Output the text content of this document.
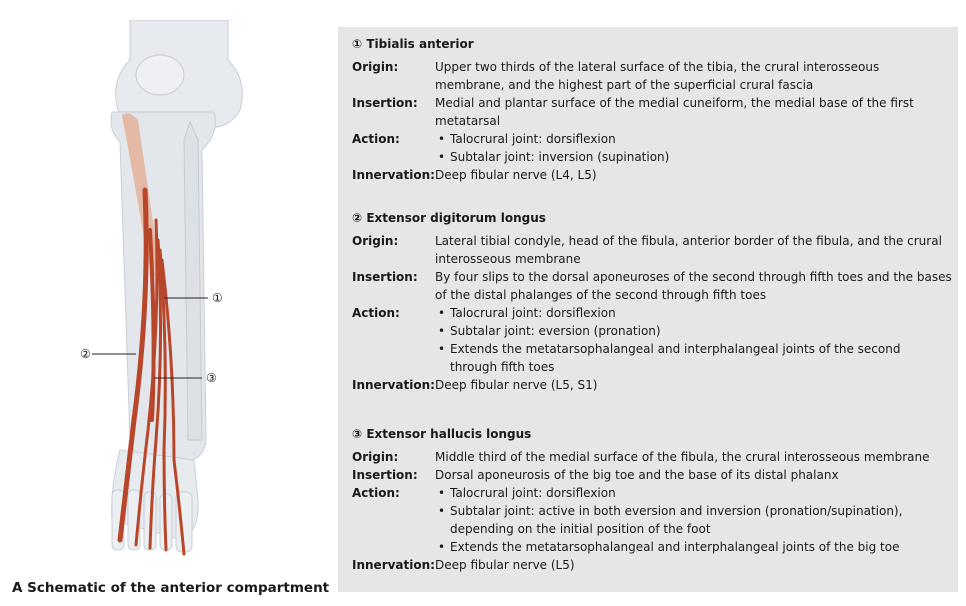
①
②
③
A Schematic of the anterior compartment
① Tibialis anterior
Origin:	Upper two thirds of the lateral surface of the tibia, the crural interosseous
membrane, and the highest part of the superficial crural fascia
Insertion:	Medial and plantar surface of the medial cuneiform, the medial base of the first
metatarsal
Action:	• Talocrural joint: dorsiflexion
• Subtalar joint: inversion (supination)
Innervation: Deep fibular nerve (L4, L5)
② Extensor digitorum longus
Origin:	Lateral tibial condyle, head of the fibula, anterior border of the fibula, and the crural
interosseous membrane
Insertion:	By four slips to the dorsal aponeuroses of the second through fifth toes and the bases
of the distal phalanges of the second through fifth toes
Action:	• Talocrural joint: dorsiflexion
• Subtalar joint: eversion (pronation)
• Extends the metatarsophalangeal and interphalangeal joints of the second
through fifth toes
Innervation: Deep fibular nerve (L5, S1)
③ Extensor hallucis longus
Origin:	Middle third of the medial surface of the fibula, the crural interosseous membrane
Insertion:	Dorsal aponeurosis of the big toe and the base of its distal phalanx
Action:	• Talocrural joint: dorsiflexion
• Subtalar joint: active in both eversion and inversion (pronation/supination),
depending on the initial position of the foot
• Extends the metatarsophalangeal and interphalangeal joints of the big toe
Innervation: Deep fibular nerve (L5)
